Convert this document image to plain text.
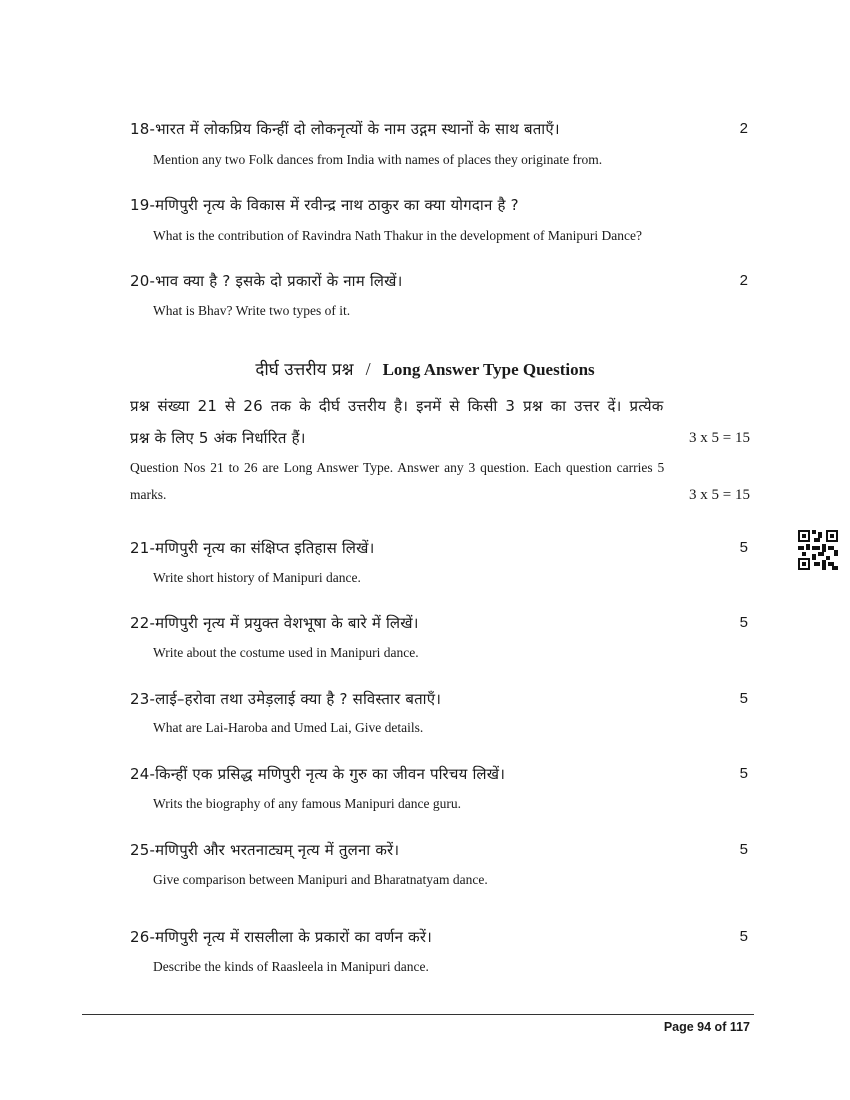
18-भारत में लोकप्रिय किन्हीं दो लोकनृत्यों के नाम उद्गम स्थानों के साथ बताएँ।	2
Mention any two Folk dances from India with names of places they originate from.
19-मणिपुरी नृत्य के विकास में रवीन्द्र नाथ ठाकुर का क्या योगदान है ?
What is the contribution of Ravindra Nath Thakur in the development of Manipuri Dance?
20-भाव क्या है ? इसके दो प्रकारों के नाम लिखें।	2
What is Bhav? Write two types of it.
दीर्घ उत्तरीय प्रश्न / Long Answer Type Questions
प्रश्न संख्या 21 से 26 तक के दीर्घ उत्तरीय है। इनमें से किसी 3 प्रश्न का उत्तर दें। प्रत्येक
प्रश्न के लिए 5 अंक निर्धारित हैं।	3 x 5 = 15
Question Nos 21 to 26 are Long Answer Type. Answer any 3 question. Each question carries 5
marks.	3 x 5 = 15
21-मणिपुरी नृत्य का संक्षिप्त इतिहास लिखें।	5
Write short history of Manipuri dance.
22-मणिपुरी नृत्य में प्रयुक्त वेशभूषा के बारे में लिखें।	5
Write about the costume used in Manipuri dance.
23-लाई–हरोवा तथा उमेड़लाई क्या है ? सविस्तार बताएँ।	5
What are Lai-Haroba and Umed Lai, Give details.
24-किन्हीं एक प्रसिद्ध मणिपुरी नृत्य के गुरु का जीवन परिचय लिखें।	5
Writs the biography of any famous Manipuri dance guru.
25-मणिपुरी और भरतनाट्यम् नृत्य में तुलना करें।	5
Give comparison between Manipuri and Bharatnatyam dance.
26-मणिपुरी नृत्य में रासलीला के प्रकारों का वर्णन करें।	5
Describe the kinds of Raasleela in Manipuri dance.
Page 94 of 117
